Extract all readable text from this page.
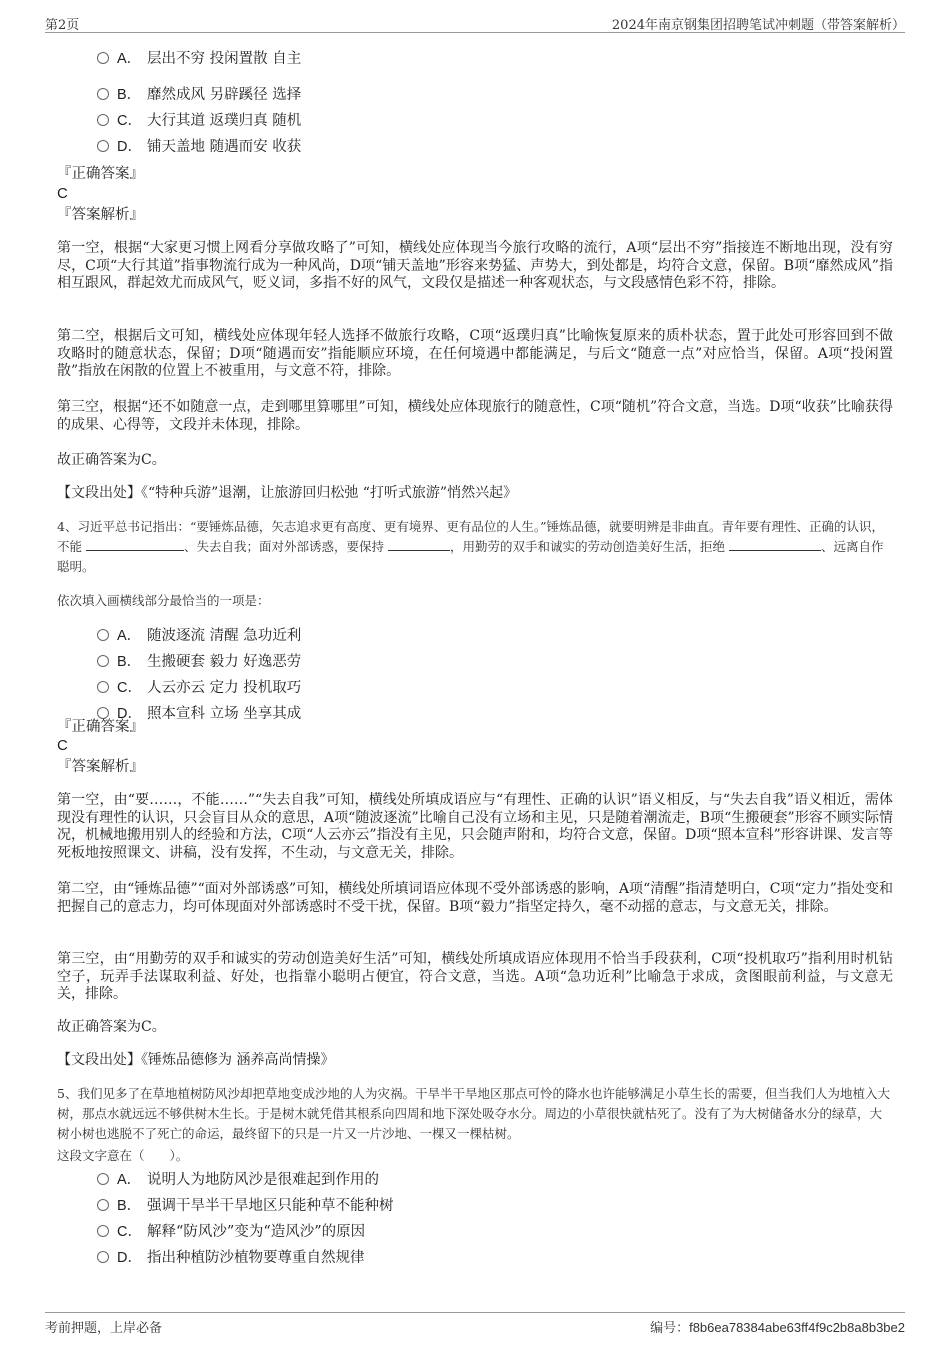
第2页	2024年南京钢集团招聘笔试冲刺题（带答案解析）
A． 层出不穷 投闲置散 自主
B． 靡然成风 另辟蹊径 选择
C． 大行其道 返璞归真 随机
D． 铺天盖地 随遇而安 收获
『正确答案』
C
『答案解析』
第一空，根据“大家更习惯上网看分享做攻略了”可知，横线处应体现当今旅行攻略的流行，A项“层出不穷”指接连不断地出现，没有穷尽，C项“大行其道”指事物流行成为一种风尚，D项“铺天盖地”形容来势猛、声势大，到处都是，均符合文意，保留。B项“靡然成风”指相互跟风，群起效尤而成风气，贬义词，多指不好的风气，文段仅是描述一种客观状态，与文段感情色彩不符，排除。
第二空，根据后文可知，横线处应体现年轻人选择不做旅行攻略，C项“返璞归真”比喻恢复原来的质朴状态，置于此处可形容回到不做攻略时的随意状态，保留；D项“随遇而安”指能顺应环境，在任何境遇中都能满足，与后文“随意一点”对应恰当，保留。A项“投闲置散”指放在闲散的位置上不被重用，与文意不符，排除。
第三空，根据“还不如随意一点，走到哪里算哪里”可知，横线处应体现旅行的随意性，C项“随机”符合文意，当选。D项“收获”比喻获得的成果、心得等，文段并未体现，排除。
故正确答案为C。
【文段出处】《“特种兵游”退潮，让旅游回归松弛 “打听式旅游”悄然兴起》
4、习近平总书记指出：“要锤炼品德，矢志追求更有高度、更有境界、更有品位的人生。”锤炼品德，就要明辨是非曲直。青年要有理性、正确的认识，不能	、失去自我；面对外部诱惑，要保持	，用勤劳的双手和诚实的劳动创造美好生活，拒绝	、远离自作聪明。
依次填入画横线部分最恰当的一项是：
A． 随波逐流 清醒 急功近利
B． 生搬硬套 毅力 好逸恶劳
C． 人云亦云 定力 投机取巧
D． 照本宣科 立场 坐享其成
『正确答案』
C
『答案解析』
第一空，由“要……，不能……”“失去自我”可知，横线处所填成语应与“有理性、正确的认识”语义相反，与“失去自我”语义相近，需体现没有理性的认识，只会盲目从众的意思，A项“随波逐流”比喻自己没有立场和主见，只是随着潮流走，B项“生搬硬套”形容不顾实际情况，机械地搬用别人的经验和方法，C项“人云亦云”指没有主见，只会随声附和，均符合文意，保留。D项“照本宣科”形容讲课、发言等死板地按照课文、讲稿，没有发挥，不生动，与文意无关，排除。
第二空，由“锤炼品德”“面对外部诱惑”可知，横线处所填词语应体现不受外部诱惑的影响，A项“清醒”指清楚明白，C项“定力”指处变和把握自己的意志力，均可体现面对外部诱惑时不受干扰，保留。B项“毅力”指坚定持久，毫不动摇的意志，与文意无关，排除。
第三空，由“用勤劳的双手和诚实的劳动创造美好生活”可知，横线处所填成语应体现用不恰当手段获利，C项“投机取巧”指利用时机钻空子，玩弄手法谋取利益、好处，也指靠小聪明占便宜，符合文意，当选。A项“急功近利”比喻急于求成，贪图眼前利益，与文意无关，排除。
故正确答案为C。
【文段出处】《锤炼品德修为 涵养高尚情操》
5、我们见多了在草地植树防风沙却把草地变成沙地的人为灾祸。干旱半干旱地区那点可怜的降水也许能够满足小草生长的需要，但当我们人为地植入大树，那点水就远远不够供树木生长。于是树木就凭借其根系向四周和地下深处吸夺水分。周边的小草很快就枯死了。没有了为大树储备水分的绿草，大树小树也逃脱不了死亡的命运，最终留下的只是一片又一片沙地、一棵又一棵枯树。
这段文字意在（　　）。
A． 说明人为地防风沙是很难起到作用的
B． 强调干旱半干旱地区只能种草不能种树
C． 解释“防风沙”变为“造风沙”的原因
D． 指出种植防沙植物要尊重自然规律
考前押题，上岸必备	编号：f8b6ea78384abe63ff4f9c2b8a8b3be2
